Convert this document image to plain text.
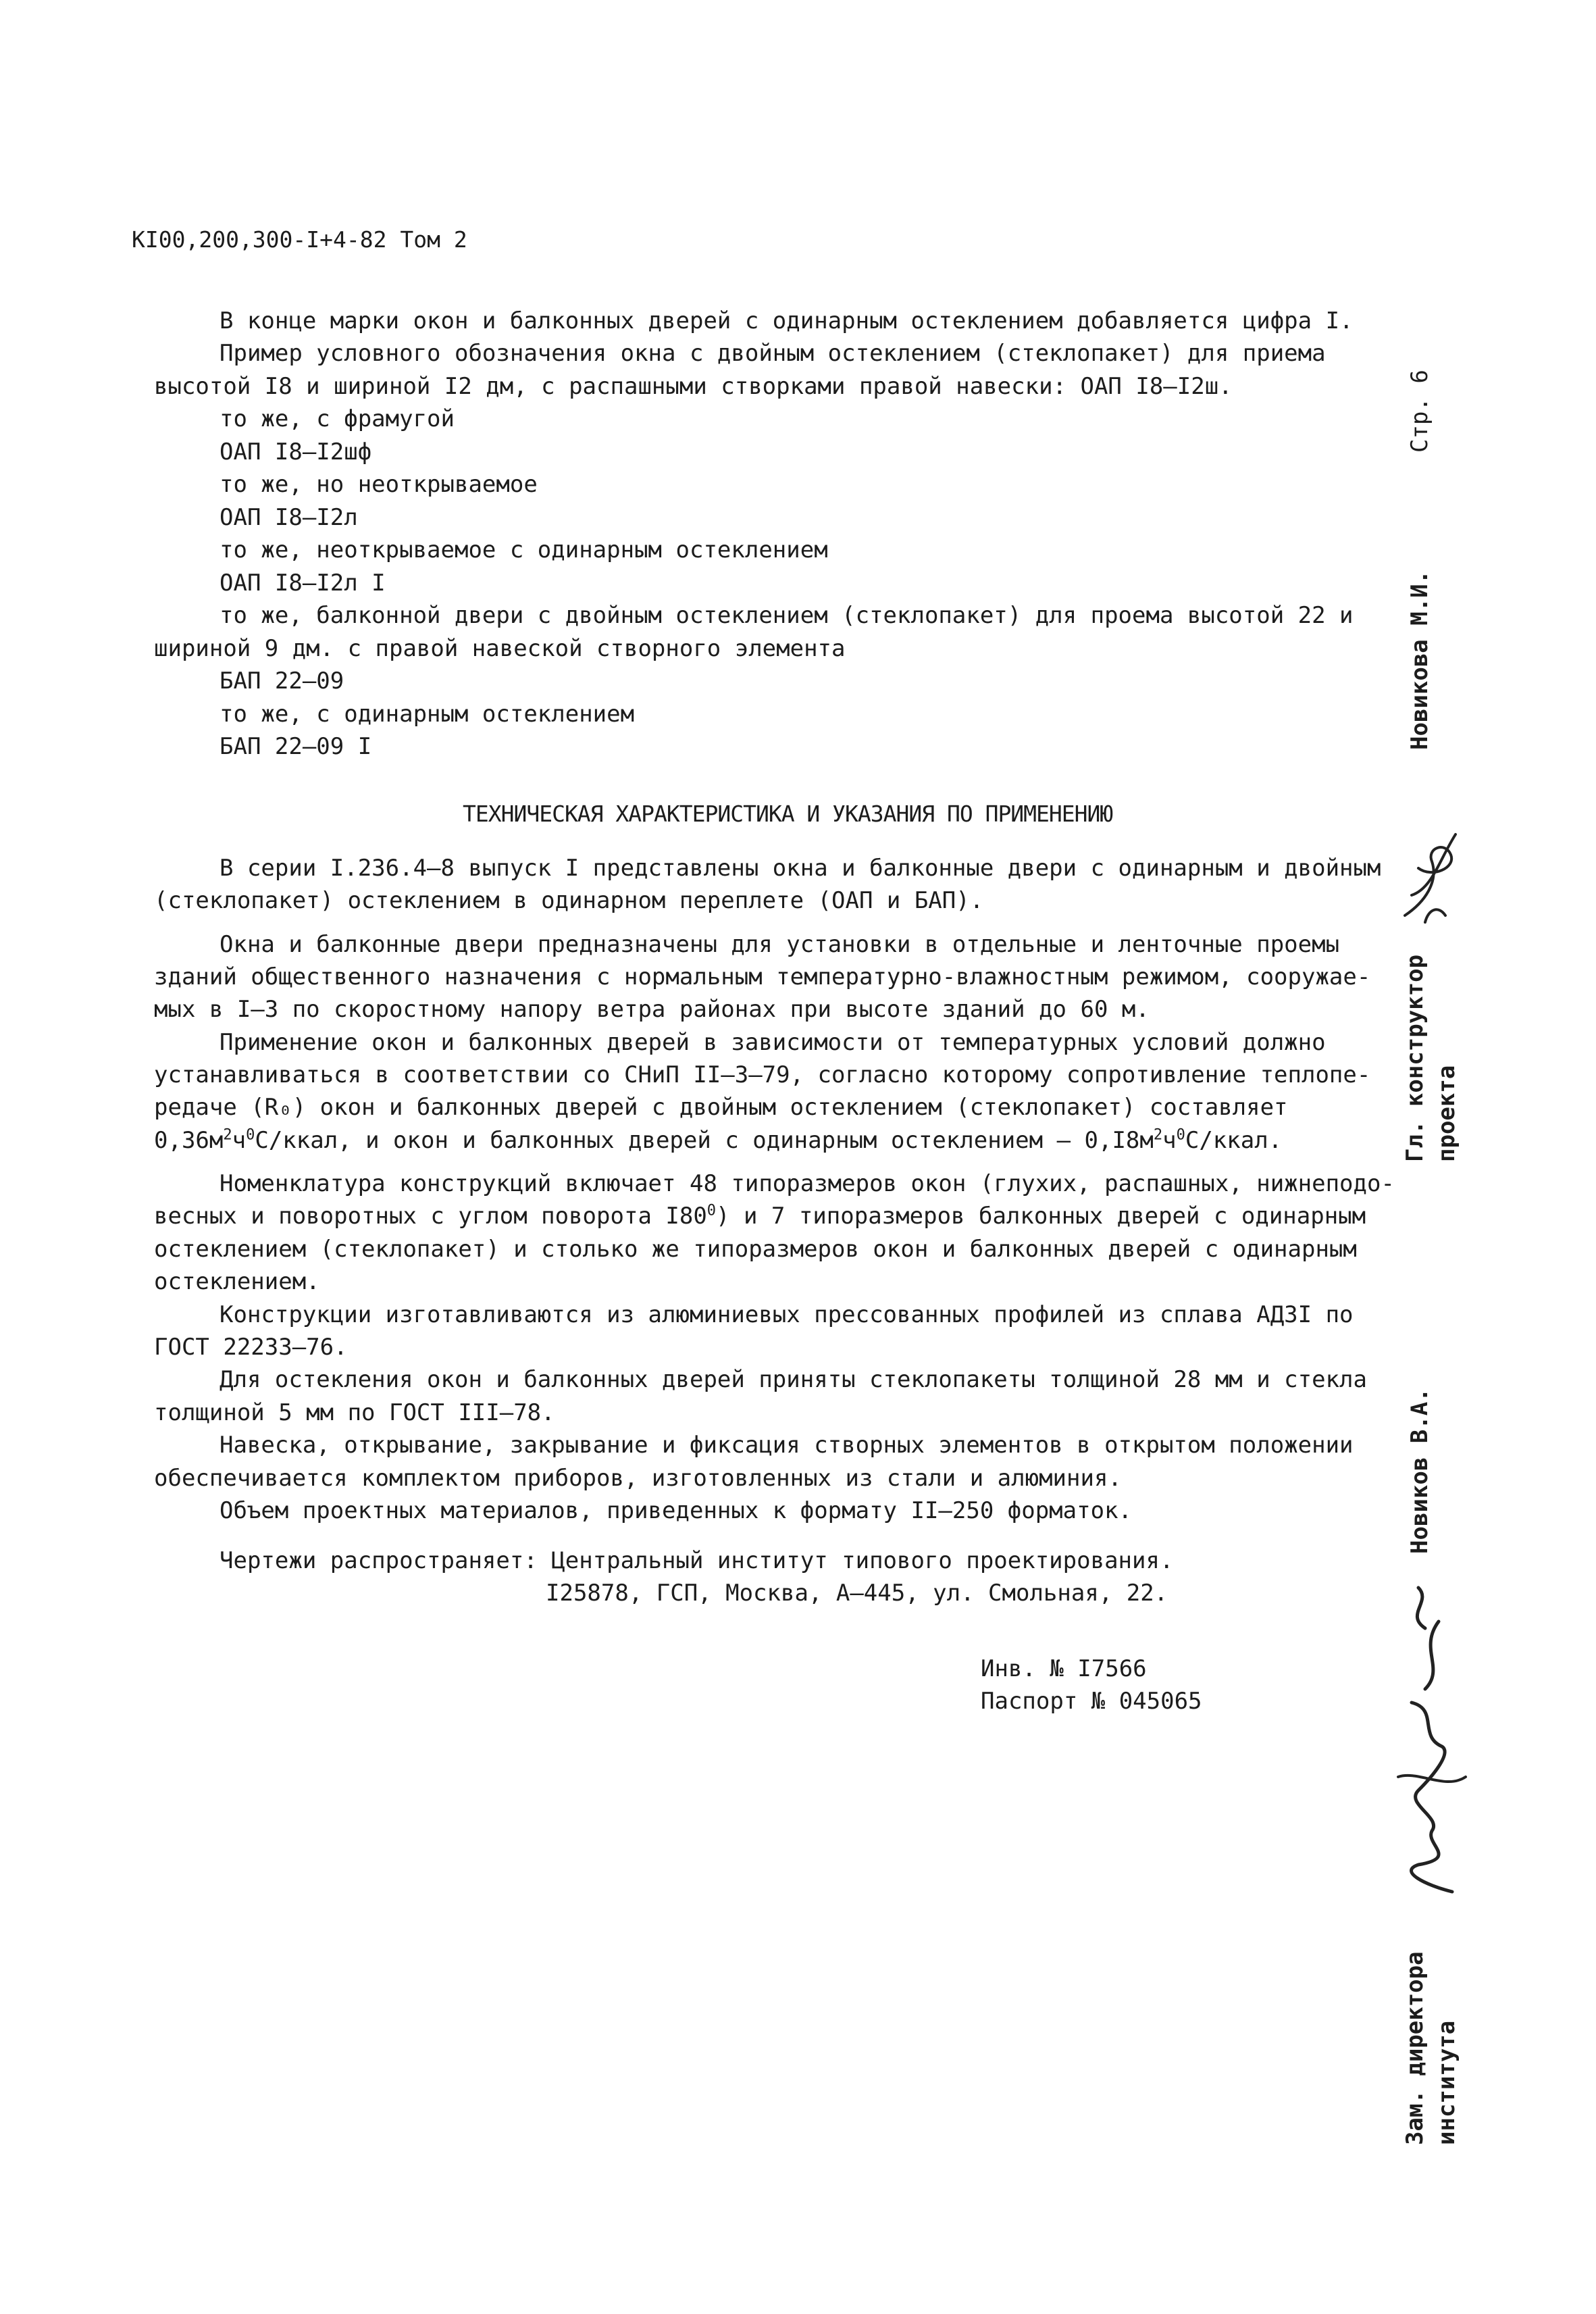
КI00,200,300-I+4-82 Том 2
В конце марки окон и балконных дверей с одинарным остеклением добавляется цифра I.
Пример условного обозначения окна с двойным остеклением (стеклопакет) для приема
высотой I8 и шириной I2 дм, с распашными створками правой навески: ОАП I8–I2ш.
то же, с фрамугой
ОАП I8–I2шф
то же, но неоткрываемое
ОАП I8–I2л
то же, неоткрываемое с одинарным остеклением
ОАП I8–I2л I
то же, балконной двери с двойным остеклением (стеклопакет) для проема высотой 22 и
шириной 9 дм. с правой навеской створного элемента
БАП 22–09
то же, с одинарным остеклением
БАП 22–09 I
ТЕХНИЧЕСКАЯ ХАРАКТЕРИСТИКА И УКАЗАНИЯ ПО ПРИМЕНЕНИЮ
В серии I.236.4–8 выпуск I представлены окна и балконные двери с одинарным и двойным
(стеклопакет) остеклением в одинарном переплете (ОАП и БАП).
Окна и балконные двери предназначены для установки в отдельные и ленточные проемы
зданий общественного назначения с нормальным температурно-влажностным режимом, сооружае-
мых в I–3 по скоростному напору ветра районах при высоте зданий до 60 м.
Применение окон и балконных дверей в зависимости от температурных условий должно
устанавливаться в соответствии со СНиП II–3–79, согласно которому сопротивление теплопе-
редаче (R₀) окон и балконных дверей с двойным остеклением (стеклопакет) составляет
$0,36м^2ч^0С$/ккал, и окон и балконных дверей с одинарным остеклением – $0,I8м^2ч^0С$/ккал.
Номенклатура конструкций включает 48 типоразмеров окон (глухих, распашных, нижнеподо-
весных и поворотных с углом поворота $I80^0$) и 7 типоразмеров балконных дверей с одинарным
остеклением (стеклопакет) и столько же типоразмеров окон и балконных дверей с одинарным
остеклением.
Конструкции изготавливаются из алюминиевых прессованных профилей из сплава АДЗI по
ГОСТ 22233–76.
Для остекления окон и балконных дверей приняты стеклопакеты толщиной 28 мм и стекла
толщиной 5 мм по ГОСТ III–78.
Навеска, открывание, закрывание и фиксация створных элементов в открытом положении
обеспечивается комплектом приборов, изготовленных из стали и алюминия.
Объем проектных материалов, приведенных к формату II–250 форматок.
Чертежи распространяет: Центральный институт типового проектирования.
I25878, ГСП, Москва, А–445, ул. Смольная, 22.
Инв. № I7566
Паспорт № 045065
Стр. 6
Новикова М.И.
Гл. конструктор проекта
Новиков В.А.
Зам. директора института
